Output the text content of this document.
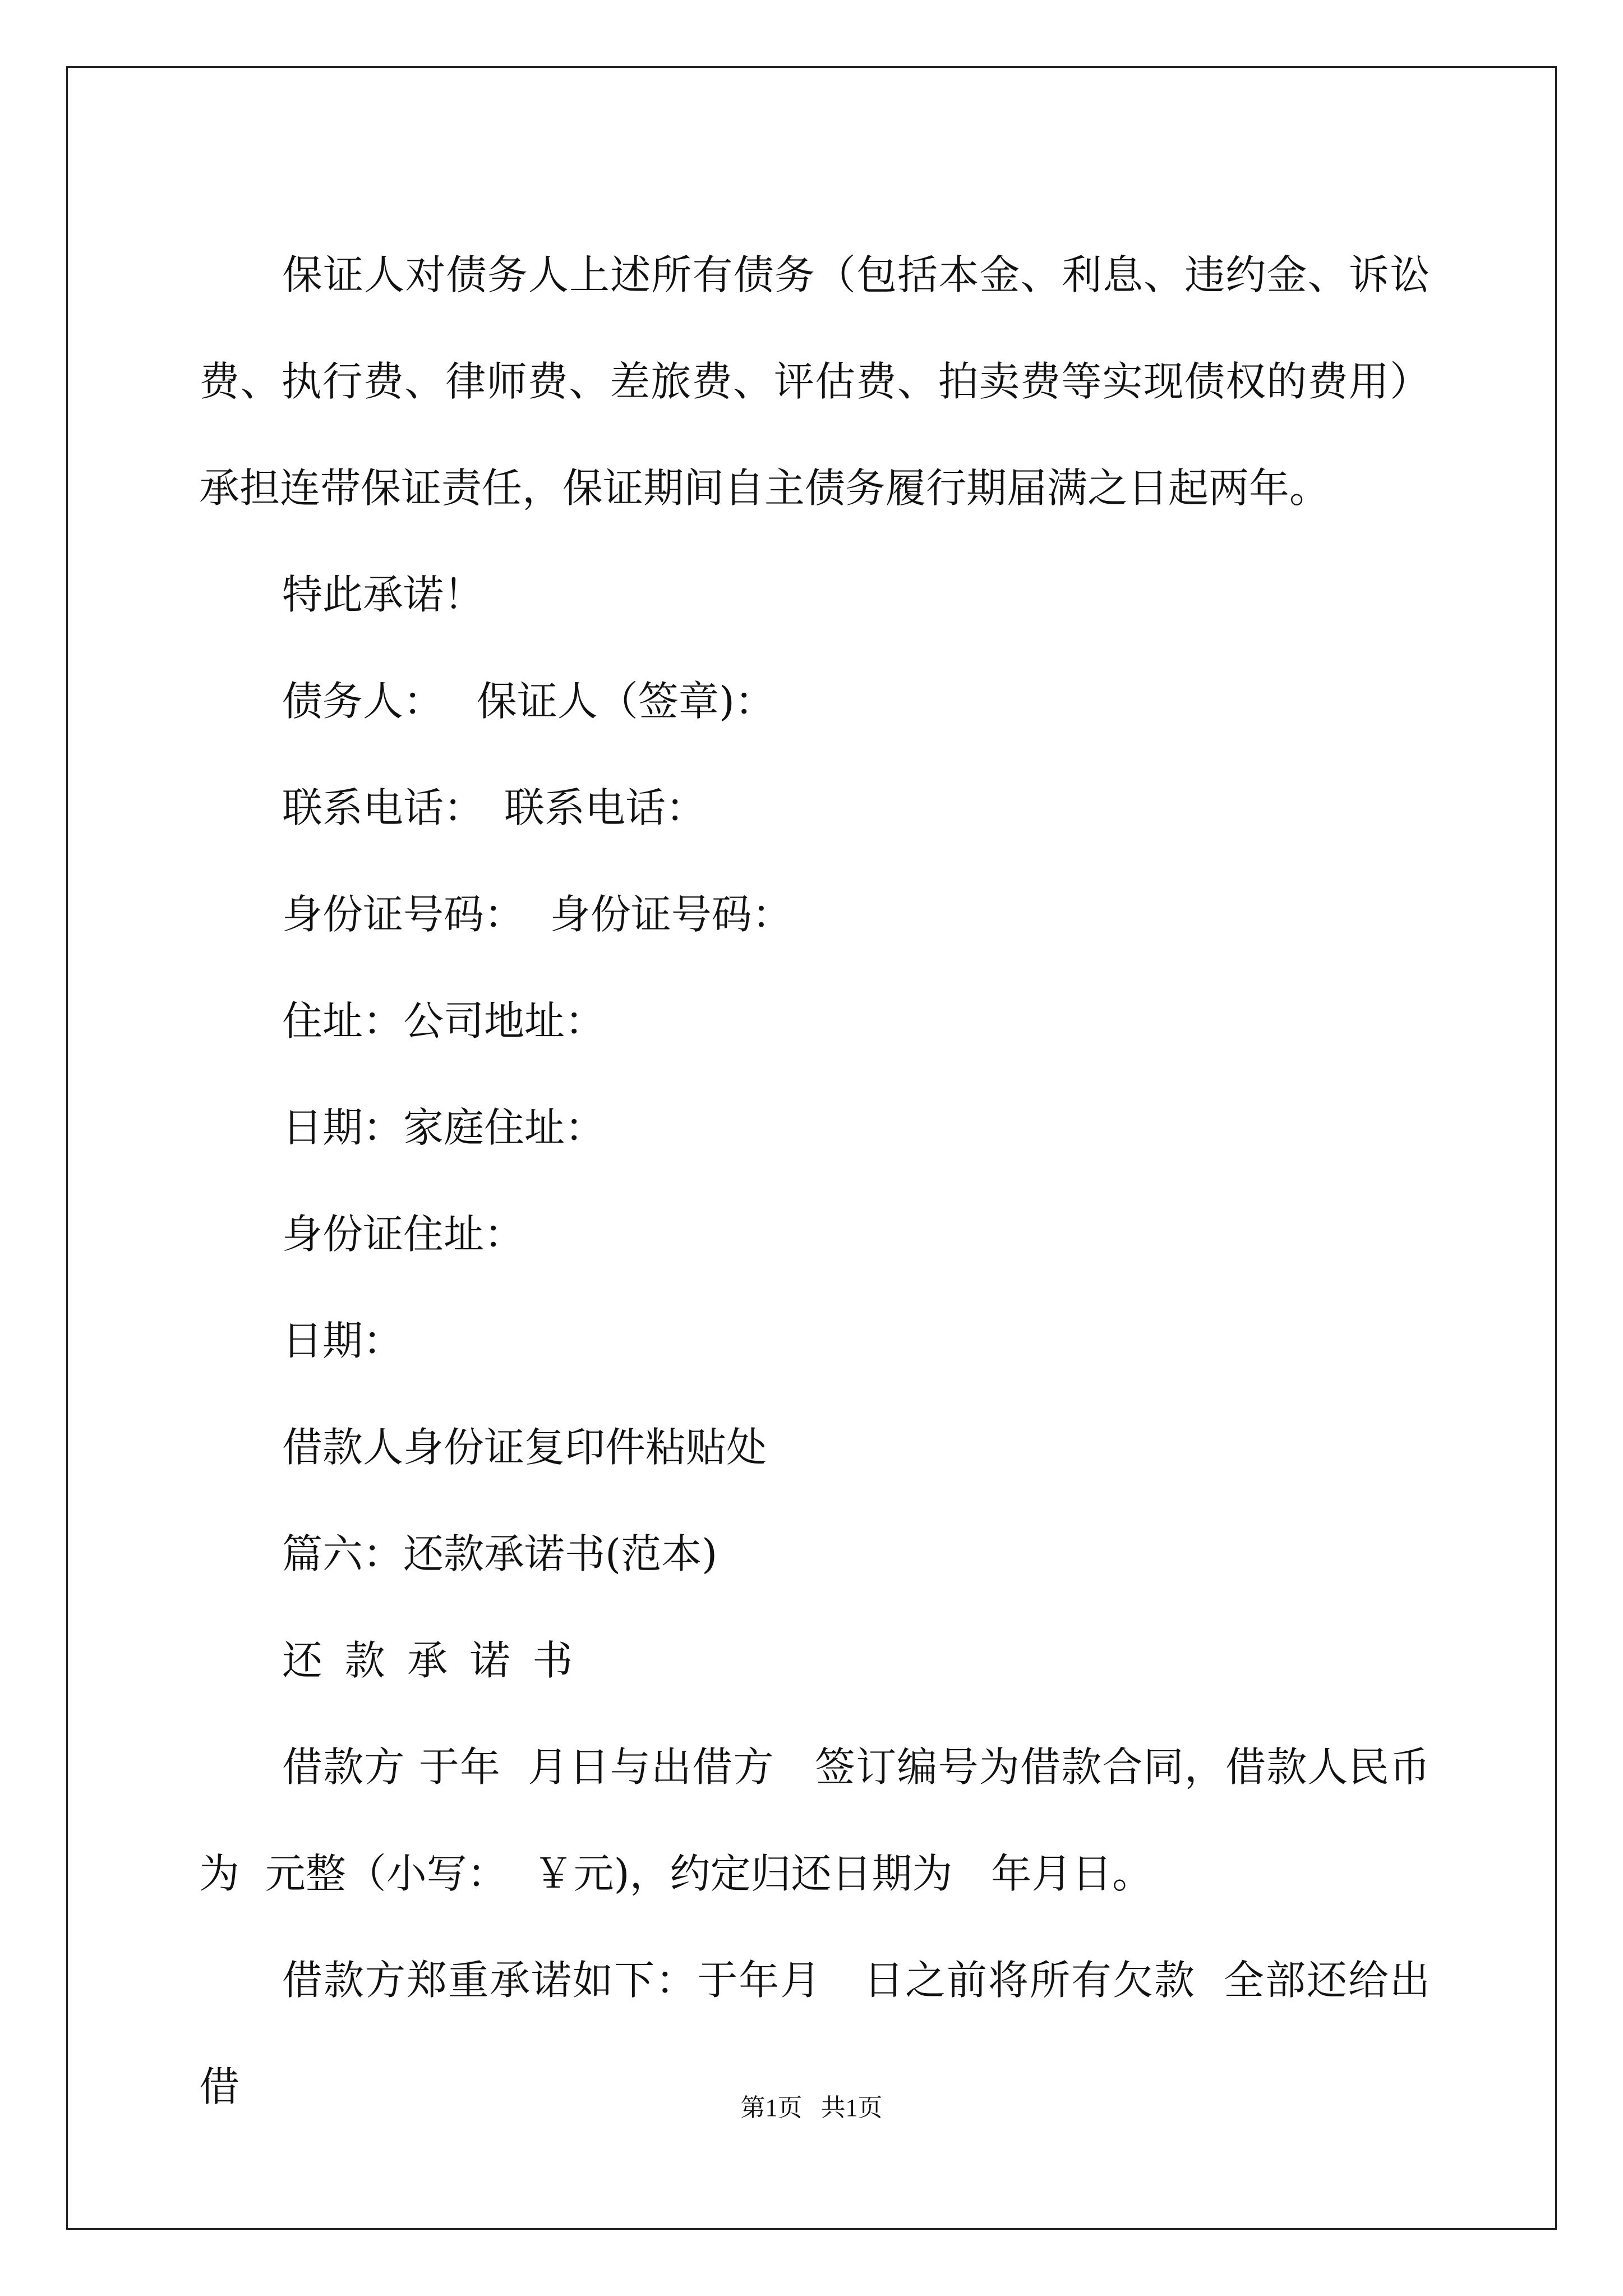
保证人对债务人上述所有债务（包括本金、利息、违约金、诉讼费、执行费、律师费、差旅费、评估费、拍卖费等实现债权的费用）承担连带保证责任，保证期间自主债务履行期届满之日起两年。

特此承诺！

债务人：　 保证人（签章)：

联系电话：　联系电话：

身份证号码：  身份证号码：

住址：公司地址：

日期：家庭住址：

身份证住址：

日期：

借款人身份证复印件粘贴处

篇六：还款承诺书(范本)

还款承诺书

借款方 于年  月日与出借方   签订编号为借款合同，借款人民币为  元整（小写：  ￥元)，约定归还日期为   年月日。

借款方郑重承诺如下：于年月   日之前将所有欠款  全部还给出借	第1页   共1页
